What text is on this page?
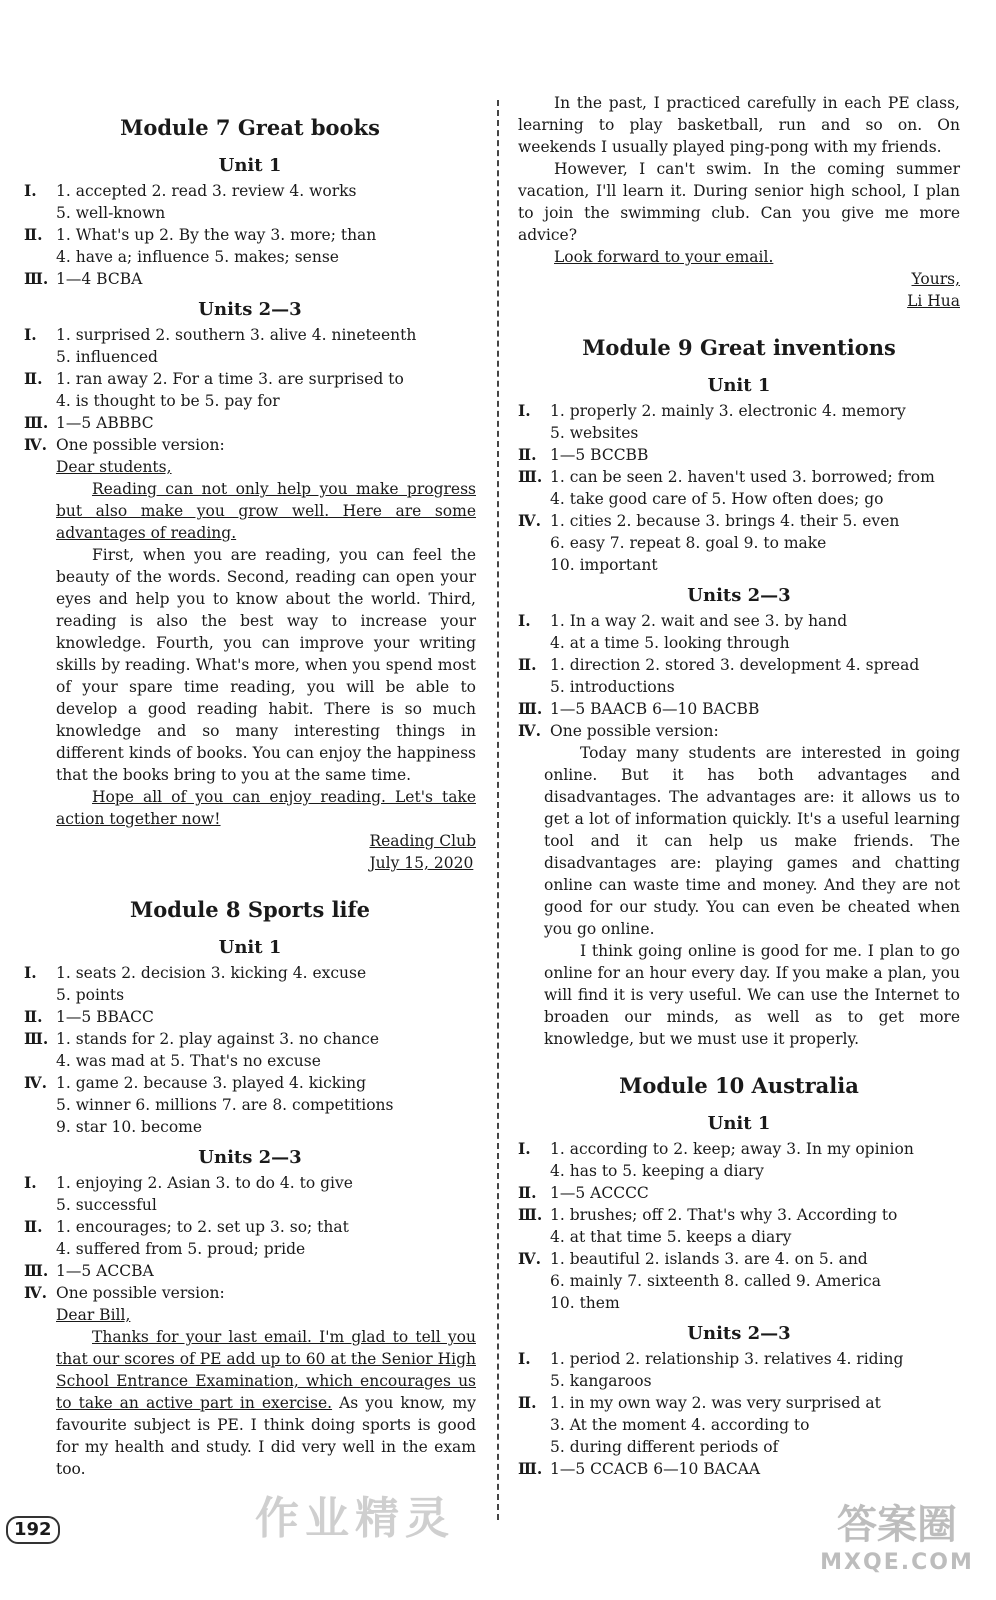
Module 7 Great books
Unit 1
Ⅰ.	1. accepted 2. read 3. review 4. works
5. well-known
Ⅱ. 1. What's up 2. By the way 3. more; than
4. have a; influence 5. makes; sense
Ⅲ. 1—4 BCBA
Units 2—3
Ⅰ.	1. surprised 2. southern 3. alive 4. nineteenth
5. influenced
Ⅱ. 1. ran away 2. For a time 3. are surprised to
4. is thought to be 5. pay for
Ⅲ. 1—5 ABBBC
Ⅳ. One possible version:
Dear students,
Reading can not only help you make progress but also make you grow well. Here are some advantages of reading.
First, when you are reading, you can feel the beauty of the words. Second, reading can open your eyes and help you to know about the world. Third, reading is also the best way to increase your knowledge. Fourth, you can improve your writing skills by reading. What's more, when you spend most of your spare time reading, you will be able to develop a good reading habit. There is so much knowledge and so many interesting things in different kinds of books. You can enjoy the happiness that the books bring to you at the same time.
Hope all of you can enjoy reading. Let's take action together now!
Reading Club
July 15, 2020
Module 8 Sports life
Unit 1
Ⅰ.	1. seats 2. decision 3. kicking 4. excuse
5. points
Ⅱ. 1—5 BBACC
Ⅲ. 1. stands for 2. play against 3. no chance
4. was mad at 5. That's no excuse
Ⅳ. 1. game 2. because 3. played 4. kicking
5. winner 6. millions 7. are 8. competitions
9. star 10. become
Units 2—3
Ⅰ.	1. enjoying 2. Asian 3. to do 4. to give
5. successful
Ⅱ. 1. encourages; to 2. set up 3. so; that
4. suffered from 5. proud; pride
Ⅲ. 1—5 ACCBA
Ⅳ. One possible version:
Dear Bill,
Thanks for your last email. I'm glad to tell you that our scores of PE add up to 60 at the Senior High School Entrance Examination, which encourages us to take an active part in exercise. As you know, my favourite subject is PE. I think doing sports is good for my health and study. I did very well in the exam too.
In the past, I practiced carefully in each PE class, learning to play basketball, run and so on. On weekends I usually played ping-pong with my friends.
However, I can't swim. In the coming summer vacation, I'll learn it. During senior high school, I plan to join the swimming club. Can you give me more advice?
Look forward to your email.
Yours,
Li Hua
Module 9 Great inventions
Unit 1
Ⅰ.	1. properly 2. mainly 3. electronic 4. memory
5. websites
Ⅱ. 1—5 BCCBB
Ⅲ. 1. can be seen 2. haven't used 3. borrowed; from
4. take good care of 5. How often does; go
Ⅳ. 1. cities 2. because 3. brings 4. their 5. even
6. easy 7. repeat 8. goal 9. to make
10. important
Units 2—3
Ⅰ.	1. In a way 2. wait and see 3. by hand
4. at a time 5. looking through
Ⅱ. 1. direction 2. stored 3. development 4. spread
5. introductions
Ⅲ. 1—5 BAACB 6—10 BACBB
Ⅳ. One possible version:
Today many students are interested in going online. But it has both advantages and disadvantages. The advantages are: it allows us to get a lot of information quickly. It's a useful learning tool and it can help us make friends. The disadvantages are: playing games and chatting online can waste time and money. And they are not good for our study. You can even be cheated when you go online.
I think going online is good for me. I plan to go online for an hour every day. If you make a plan, you will find it is very useful. We can use the Internet to broaden our minds, as well as to get more knowledge, but we must use it properly.
Module 10 Australia
Unit 1
Ⅰ.	1. according to 2. keep; away 3. In my opinion
4. has to 5. keeping a diary
Ⅱ. 1—5 ACCCC
Ⅲ. 1. brushes; off 2. That's why 3. According to
4. at that time 5. keeps a diary
Ⅳ. 1. beautiful 2. islands 3. are 4. on 5. and
6. mainly 7. sixteenth 8. called 9. America
10. them
Units 2—3
Ⅰ.	1. period 2. relationship 3. relatives 4. riding
5. kangaroos
Ⅱ. 1. in my own way 2. was very surprised at
3. At the moment 4. according to
5. during different periods of
Ⅲ. 1—5 CCACB 6—10 BACAA
192	作业精灵	答案圈
MXQE.COM
